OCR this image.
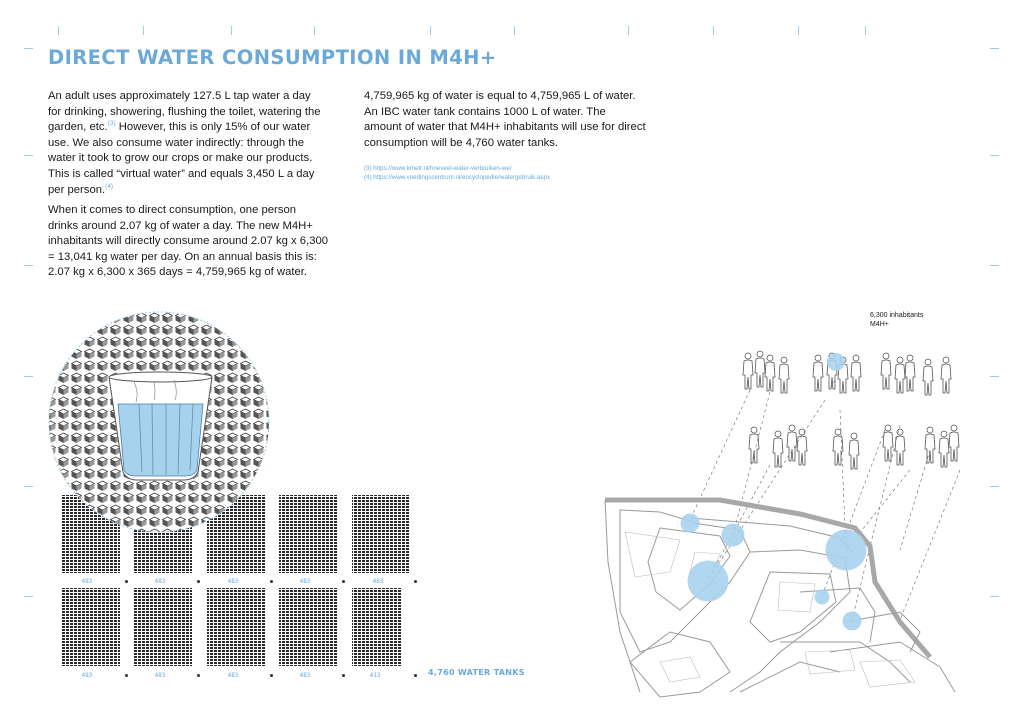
DIRECT WATER CONSUMPTION IN M4H+
An adult uses approximately 127.5 L tap water a day
for drinking, showering, flushing the toilet, watering the
garden, etc.$^{(3)}$ However, this is only 15% of our water
use. We also consume water indirectly: through the
water it took to grow our crops or make our products.
This is called “virtual water” and equals 3,450 L a day
per person.$^{(4)}$
When it comes to direct consumption, one person
drinks around 2.07 kg of water a day. The new M4H+
inhabitants will directly consume around 2.07 kg x 6,300
= 13,041 kg water per day. On an annual basis this is:
2.07 kg x 6,300 x 365 days = 4,759,965 kg of water.
4,759,965 kg of water is equal to 4,759,965 L of water.
An IBC water tank contains 1000 L of water. The
amount of water that M4H+ inhabitants will use for direct
consumption will be 4,760 water tanks.
(3) https://www.kmetr.nl/hoeveel-water-verbruiken-we/
(4) https://www.voedingscentrum.nl/encyclopedie/watergebruik.aspx
483	483	483	483	483
483	483	483	483	413	4,760 WATER TANKS
6,300 inhabitants
M4H+
